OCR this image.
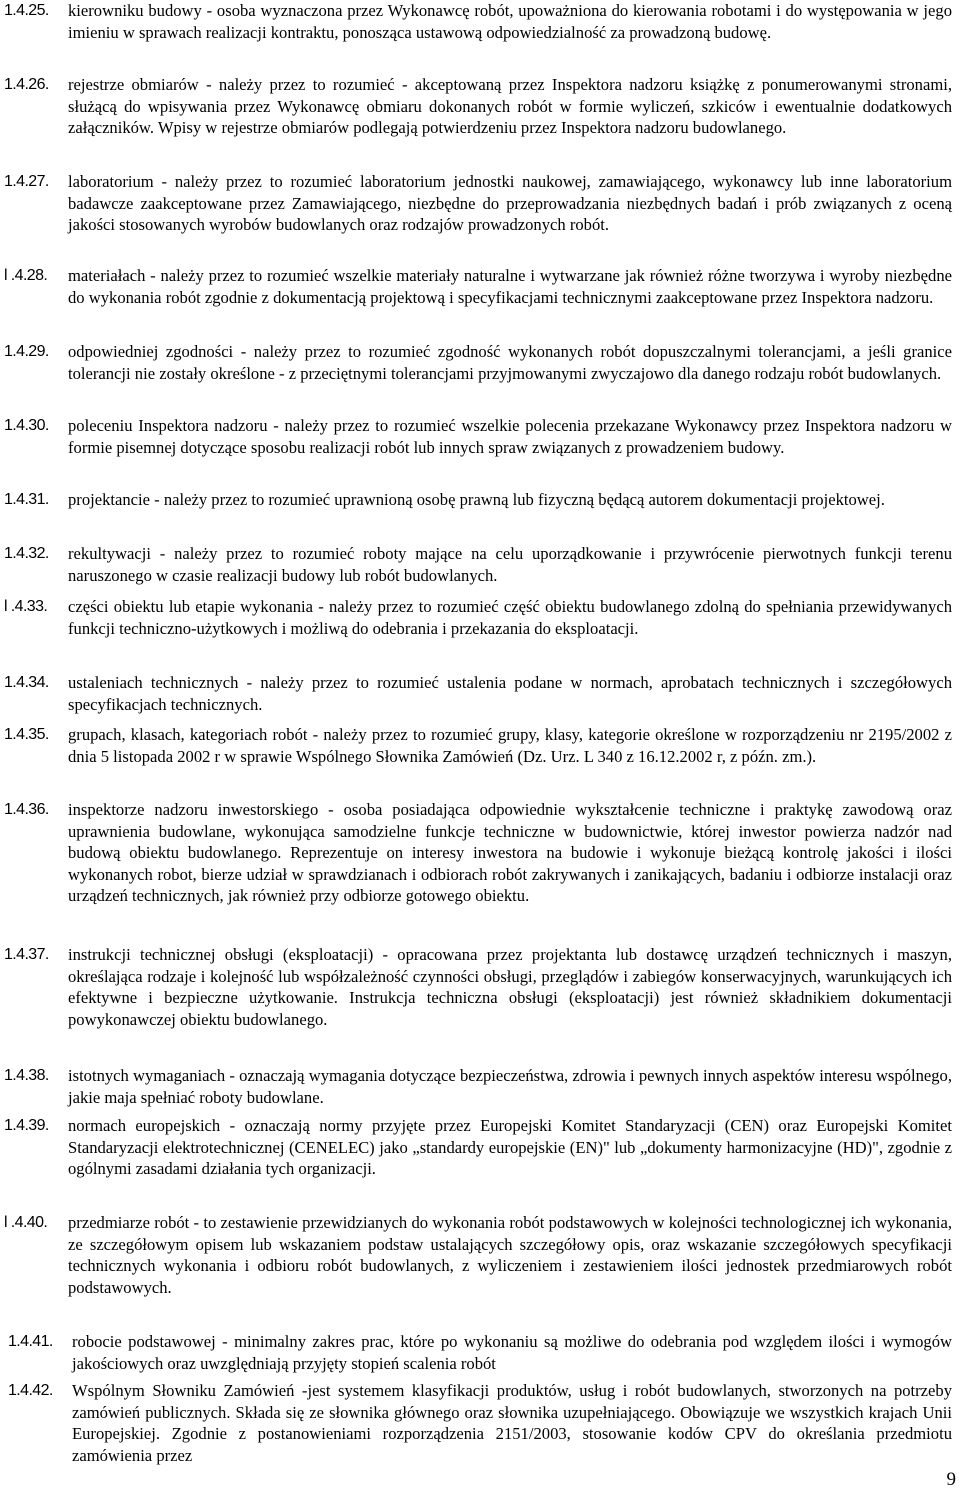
1.4.25.	kierowniku budowy - osoba wyznaczona przez Wykonawcę robót, upoważniona do kierowania robotami i do występowania w jego imieniu w sprawach realizacji kontraktu, ponosząca ustawową odpowiedzialność za prowadzoną budowę.
1.4.26.	rejestrze obmiarów - należy przez to rozumieć - akceptowaną przez Inspektora nadzoru książkę z ponumerowanymi stronami, służącą do wpisywania przez Wykonawcę obmiaru dokonanych robót w formie wyliczeń, szkiców i ewentualnie dodatkowych załączników. Wpisy w rejestrze obmiarów podlegają potwierdzeniu przez Inspektora nadzoru budowlanego.
1.4.27.	laboratorium - należy przez to rozumieć laboratorium jednostki naukowej, zamawiającego, wykonawcy lub inne laboratorium badawcze zaakceptowane przez Zamawiającego, niezbędne do przeprowadzania niezbędnych badań i prób związanych z oceną jakości stosowanych wyrobów budowlanych oraz rodzajów prowadzonych robót.
l .4.28.	materiałach - należy przez to rozumieć wszelkie materiały naturalne i wytwarzane jak również różne tworzywa i wyroby niezbędne do wykonania robót zgodnie z dokumentacją projektową i specyfikacjami technicznymi zaakceptowane przez Inspektora nadzoru.
1.4.29.	odpowiedniej zgodności - należy przez to rozumieć zgodność wykonanych robót dopuszczalnymi tolerancjami, a jeśli granice tolerancji nie zostały określone - z przeciętnymi tolerancjami przyjmowanymi zwyczajowo dla danego rodzaju robót budowlanych.
1.4.30.	poleceniu Inspektora nadzoru - należy przez to rozumieć wszelkie polecenia przekazane Wykonawcy przez Inspektora nadzoru w formie pisemnej dotyczące sposobu realizacji robót lub innych spraw związanych z prowadzeniem budowy.
1.4.31.	projektancie - należy przez to rozumieć uprawnioną osobę prawną lub fizyczną będącą autorem dokumentacji projektowej.
1.4.32.	rekultywacji - należy przez to rozumieć roboty mające na celu uporządkowanie i przywrócenie pierwotnych funkcji terenu naruszonego w czasie realizacji budowy lub robót budowlanych.
l .4.33.	części obiektu lub etapie wykonania - należy przez to rozumieć część obiektu budowlanego zdolną do spełniania przewidywanych funkcji techniczno-użytkowych i możliwą do odebrania i przekazania do eksploatacji.
1.4.34.	ustaleniach technicznych - należy przez to rozumieć ustalenia podane w normach, aprobatach technicznych i szczegółowych specyfikacjach technicznych.
1.4.35.	grupach, klasach, kategoriach robót - należy przez to rozumieć grupy, klasy, kategorie określone w rozporządzeniu nr 2195/2002 z dnia 5 listopada 2002 r w sprawie Wspólnego Słownika Zamówień (Dz. Urz. L 340 z 16.12.2002 r, z późn. zm.).
1.4.36.	inspektorze nadzoru inwestorskiego - osoba posiadająca odpowiednie wykształcenie techniczne i praktykę zawodową oraz uprawnienia budowlane, wykonująca samodzielne funkcje techniczne w budownictwie, której inwestor powierza nadzór nad budową obiektu budowlanego. Reprezentuje on interesy inwestora na budowie i wykonuje bieżącą kontrolę jakości i ilości wykonanych robot, bierze udział w sprawdzianach i odbiorach robót zakrywanych i zanikających, badaniu i odbiorze instalacji oraz urządzeń technicznych, jak również przy odbiorze gotowego obiektu.
1.4.37.	instrukcji technicznej obsługi (eksploatacji) - opracowana przez projektanta lub dostawcę urządzeń technicznych i maszyn, określająca rodzaje i kolejność lub współzależność czynności obsługi, przeglądów i zabiegów konserwacyjnych, warunkujących ich efektywne i bezpieczne użytkowanie. Instrukcja techniczna obsługi (eksploatacji) jest również składnikiem dokumentacji powykonawczej obiektu budowlanego.
1.4.38.	istotnych wymaganiach - oznaczają wymagania dotyczące bezpieczeństwa, zdrowia i pewnych innych aspektów interesu wspólnego, jakie maja spełniać roboty budowlane.
1.4.39.	normach europejskich - oznaczają normy przyjęte przez Europejski Komitet Standaryzacji (CEN) oraz Europejski Komitet Standaryzacji elektrotechnicznej (CENELEC) jako „standardy europejskie (EN)" lub „dokumenty harmonizacyjne (HD)", zgodnie z ogólnymi zasadami działania tych organizacji.
l .4.40.	przedmiarze robót - to zestawienie przewidzianych do wykonania robót podstawowych w kolejności technologicznej ich wykonania, ze szczegółowym opisem lub wskazaniem podstaw ustalających szczegółowy opis, oraz wskazanie szczegółowych specyfikacji technicznych wykonania i odbioru robót budowlanych, z wyliczeniem i zestawieniem ilości jednostek przedmiarowych robót podstawowych.
1.4.41.	robocie podstawowej - minimalny zakres prac, które po wykonaniu są możliwe do odebrania pod względem ilości i wymogów jakościowych oraz uwzględniają przyjęty stopień scalenia robót
1.4.42.	Wspólnym Słowniku Zamówień -jest systemem klasyfikacji produktów, usług i robót budowlanych, stworzonych na potrzeby zamówień publicznych. Składa się ze słownika głównego oraz słownika uzupełniającego. Obowiązuje we wszystkich krajach Unii Europejskiej. Zgodnie z postanowieniami rozporządzenia 2151/2003, stosowanie kodów CPV do określania przedmiotu zamówienia przez
9
